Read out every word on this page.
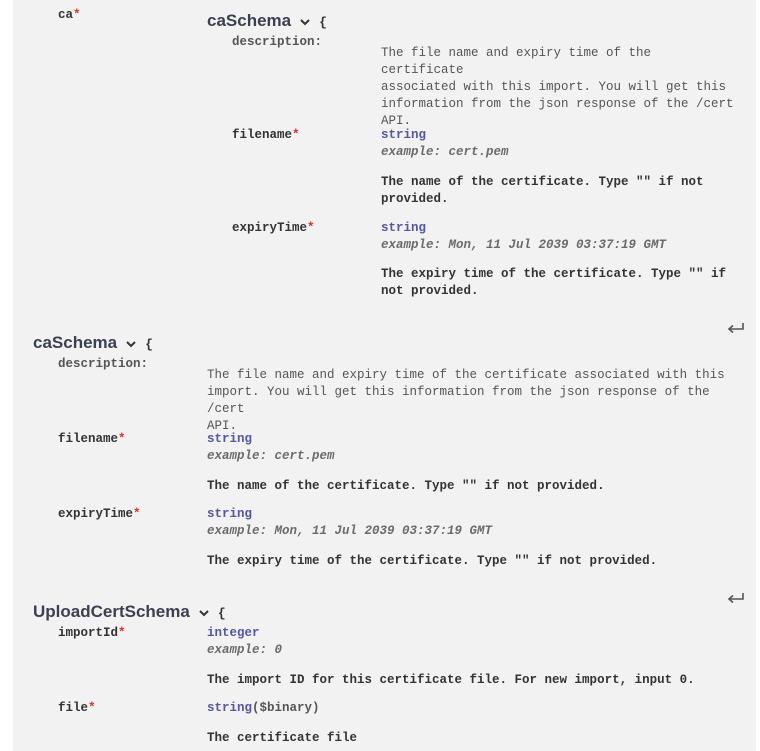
ca*	caSchema {
description:
The file name and expiry time of the certificate
associated with this import. You will get this
information from the json response of the /cert
API.
filename*	string
example: cert.pem
The name of the certificate. Type "" if not
provided.
expiryTime*	string
example: Mon, 11 Jul 2039 03:37:19 GMT
The expiry time of the certificate. Type "" if
not provided.
caSchema {
description:
The file name and expiry time of the certificate associated with this
import. You will get this information from the json response of the /cert
API.
filename*	string
example: cert.pem
The name of the certificate. Type "" if not provided.
expiryTime*	string
example: Mon, 11 Jul 2039 03:37:19 GMT
The expiry time of the certificate. Type "" if not provided.
UploadCertSchema {
importId*	integer
example: 0
The import ID for this certificate file. For new import, input 0.
file*	string($binary)
The certificate file
